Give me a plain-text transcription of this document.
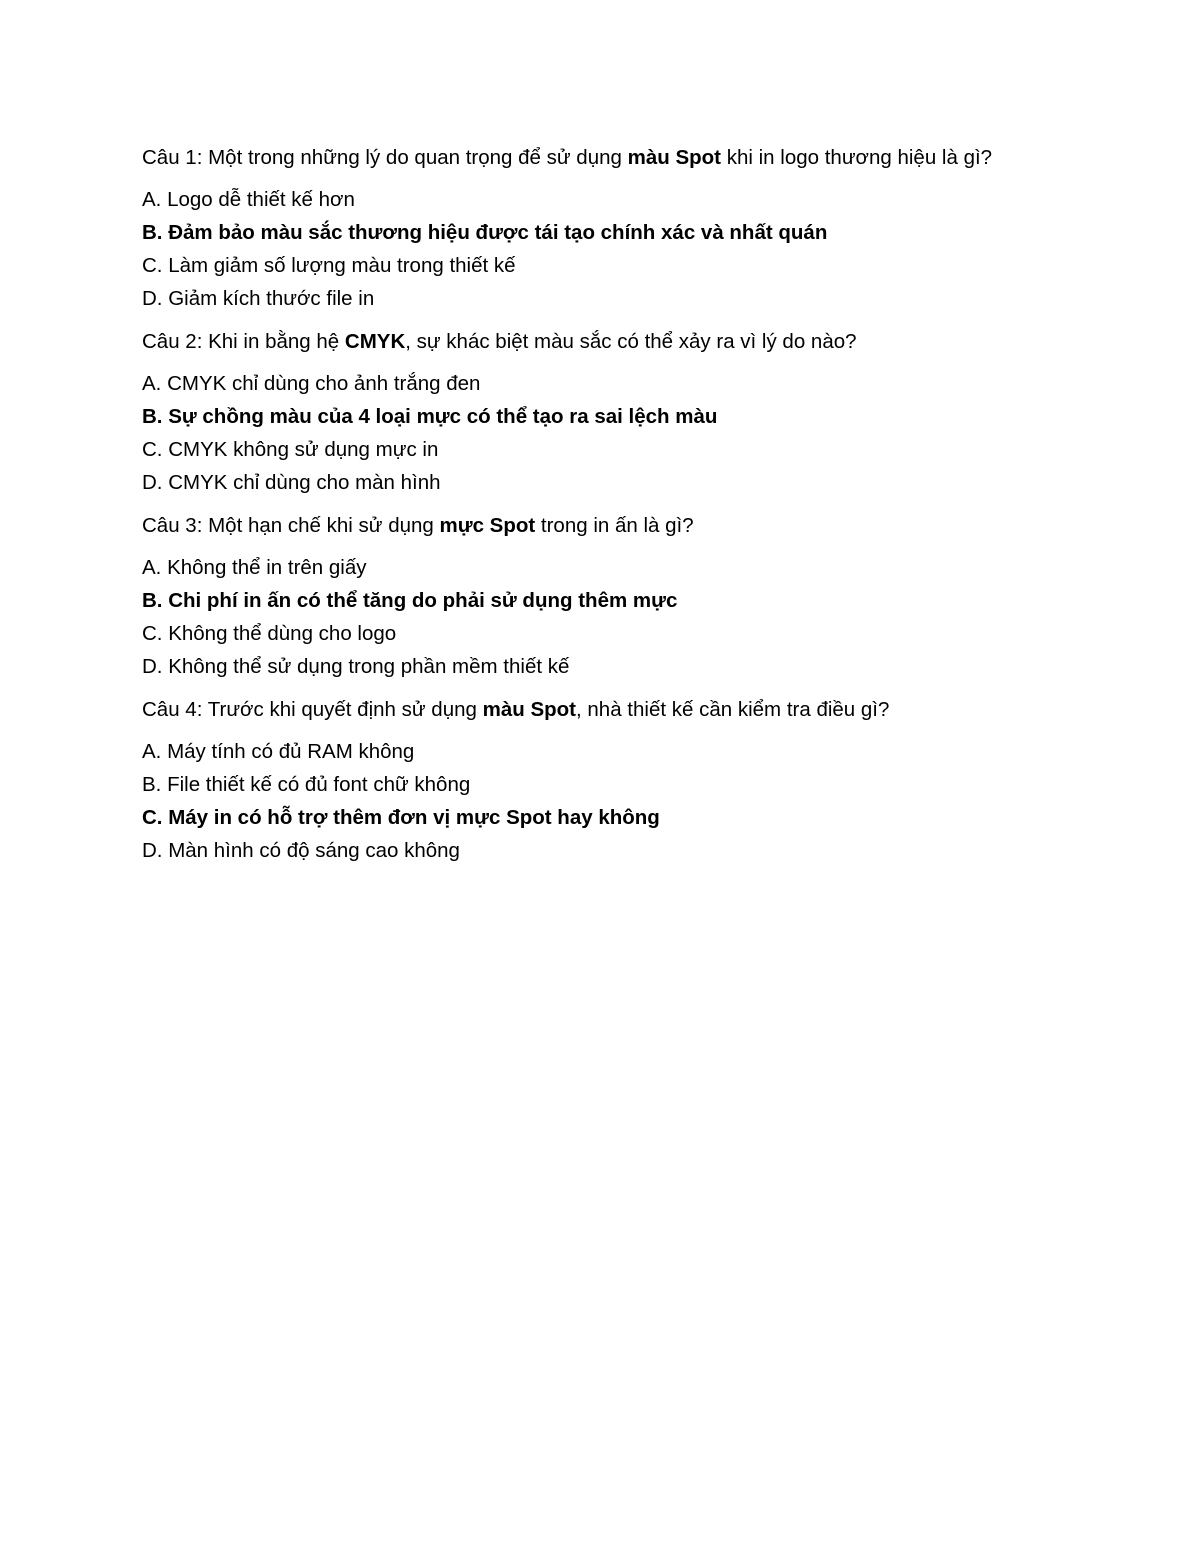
Câu 1: Một trong những lý do quan trọng để sử dụng màu Spot khi in logo thương hiệu là gì?

A. Logo dễ thiết kế hơn

B. Đảm bảo màu sắc thương hiệu được tái tạo chính xác và nhất quán

C. Làm giảm số lượng màu trong thiết kế

D. Giảm kích thước file in

Câu 2: Khi in bằng hệ CMYK, sự khác biệt màu sắc có thể xảy ra vì lý do nào?

A. CMYK chỉ dùng cho ảnh trắng đen

B. Sự chồng màu của 4 loại mực có thể tạo ra sai lệch màu

C. CMYK không sử dụng mực in

D. CMYK chỉ dùng cho màn hình

Câu 3: Một hạn chế khi sử dụng mực Spot trong in ấn là gì?

A. Không thể in trên giấy

B. Chi phí in ấn có thể tăng do phải sử dụng thêm mực

C. Không thể dùng cho logo

D. Không thể sử dụng trong phần mềm thiết kế

Câu 4: Trước khi quyết định sử dụng màu Spot, nhà thiết kế cần kiểm tra điều gì?

A. Máy tính có đủ RAM không

B. File thiết kế có đủ font chữ không

C. Máy in có hỗ trợ thêm đơn vị mực Spot hay không

D. Màn hình có độ sáng cao không
